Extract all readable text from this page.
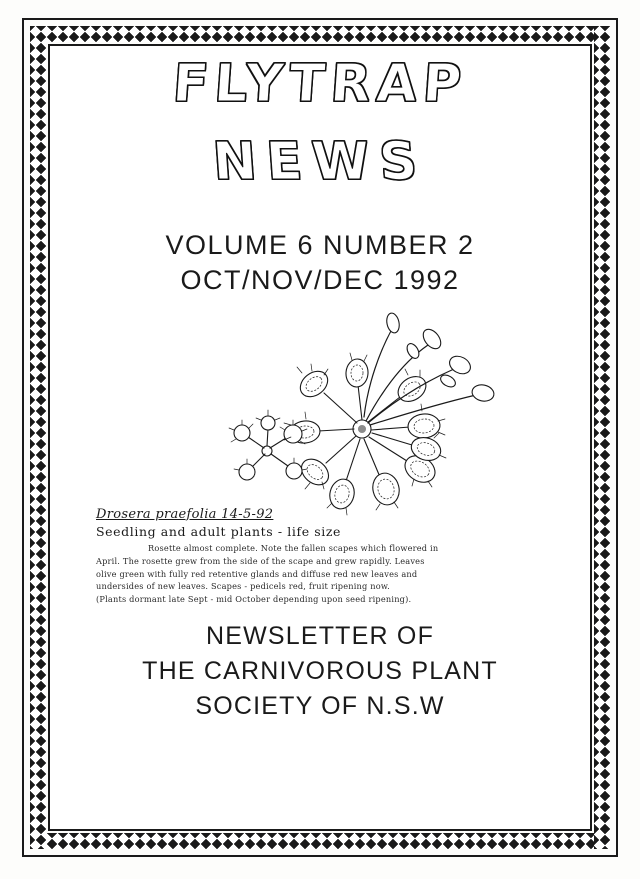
FLYTRAP
NEWS
VOLUME 6 NUMBER 2
OCT/NOV/DEC 1992
Drosera praefolia 14-5-92
Seedling and adult plants - life size
Rosette almost complete. Note the fallen scapes which flowered in
April. The rosette grew from the side of the scape and grew rapidly. Leaves
olive green with fully red retentive glands and diffuse red new leaves and
undersides of new leaves. Scapes - pedicels red, fruit ripening now.
(Plants dormant late Sept - mid October depending upon seed ripening).
NEWSLETTER OF
THE CARNIVOROUS PLANT
SOCIETY OF N.S.W
